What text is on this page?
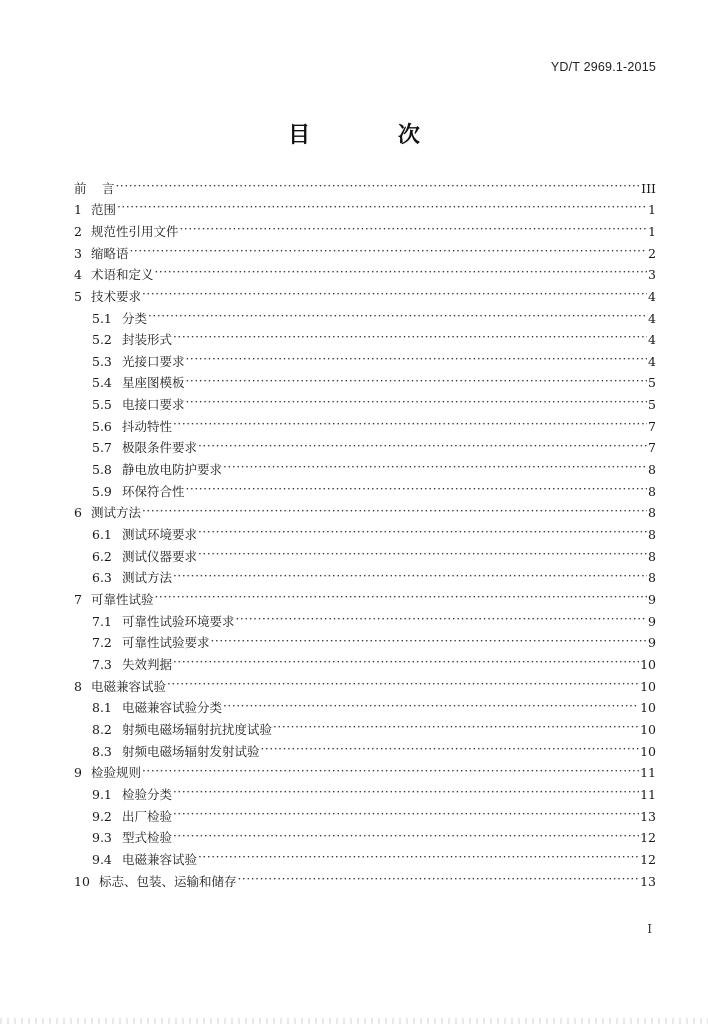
YD/T 2969.1-2015
目 次
前	言 ·····	III
1 范围 ·····	1
2 规范性引用文件 ·····	1
3 缩略语 ·····	2
4 术语和定义 ·····	3
5 技术要求 ·····	4
5.1 分类 ·····	4
5.2 封装形式 ·····	4
5.3 光接口要求 ·····	4
5.4 星座图模板 ·····	5
5.5 电接口要求 ·····	5
5.6 抖动特性 ·····	7
5.7 极限条件要求 ·····	7
5.8 静电放电防护要求 ·····	8
5.9 环保符合性 ·····	8
6 测试方法 ·····	8
6.1 测试环境要求 ·····	8
6.2 测试仪器要求 ·····	8
6.3 测试方法 ·····	8
7 可靠性试验 ·····	9
7.1 可靠性试验环境要求 ·····	9
7.2 可靠性试验要求 ·····	9
7.3 失效判据 ·····	10
8 电磁兼容试验 ·····	10
8.1 电磁兼容试验分类 ·····	10
8.2 射频电磁场辐射抗扰度试验 ·····	10
8.3 射频电磁场辐射发射试验 ·····	10
9 检验规则 ·····	11
9.1 检验分类 ·····	11
9.2 出厂检验 ·····	13
9.3 型式检验 ·····	12
9.4 电磁兼容试验 ·····	12
10 标志、包装、运输和储存 ·····	13
I
